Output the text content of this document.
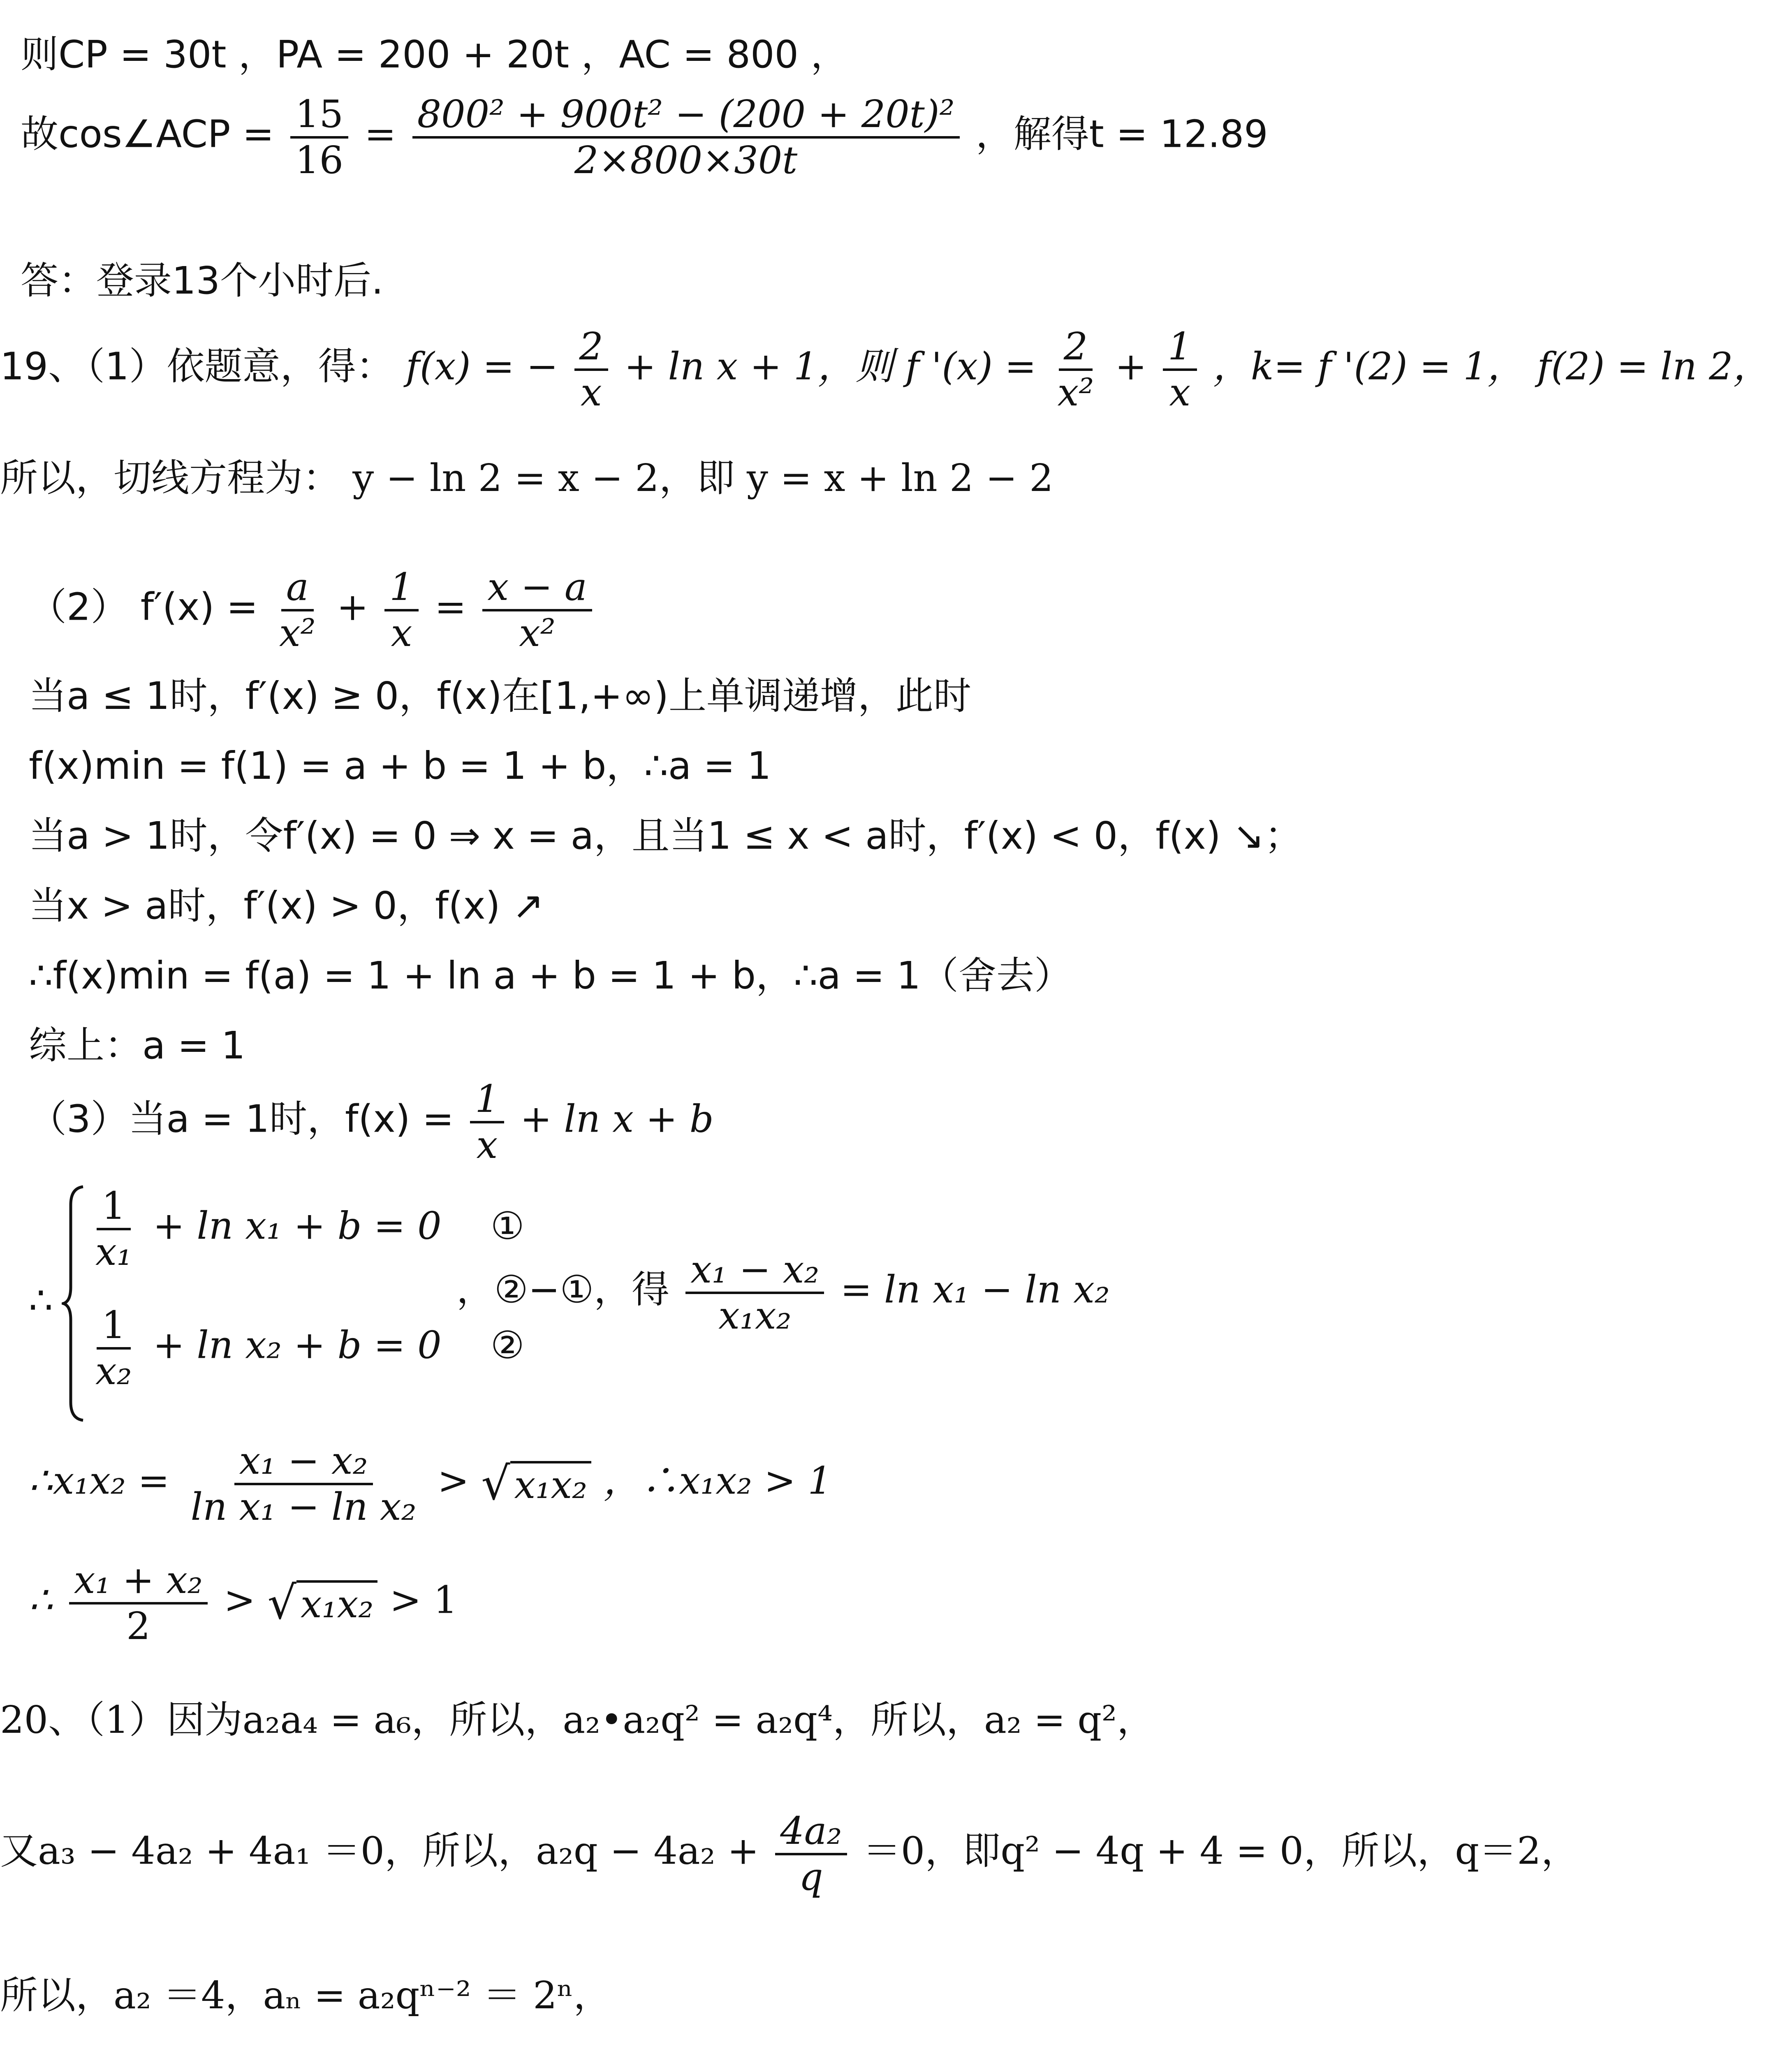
则CP = 30t ，PA = 200 + 20t ，AC = 800 ，
故cos∠ACP = $\frac{15}{16} = \frac{\text{800² + 900t² − (200 + 20t)²}}{2\times 800\times 30t}$ ，解得t = 12.89
答：登录13个小时后.
19、（1）依题意，得： f(x) = − $\frac{2}{x} + \ln x + 1$，则 f '$(x) = \frac{2}{\text{x²}} + \frac{1}{x}$ ，k= f '(2) = 1， f(2) = ln 2，
所以，切线方程为： y − ln 2 = x − 2，即 y = x + ln 2 − 2
（2） $f'(x) = \frac{a}{\text{x²}} + \frac{1}{x} = \frac{x - a}{\text{x²}}$
当a ≤ 1时，f′(x) ≥ 0，f(x)在[1,+∞)上单调递增，此时
f(x)min = f(1) = a + b = 1 + b，∴a = 1
当a > 1时，令f′(x) = 0 ⇒ x = a，且当1 ≤ x < a时，f′(x) < 0，f(x) ↘；
当x > a时，f′(x) > 0，f(x) ↗
∴f(x)min = f(a) = 1 + ln a + b = 1 + b，∴a = 1（舍去）
综上：a = 1
（3）当a = 1时，$f(x) = \frac{1}{x} + \ln x + b$
∴
$\frac{1}{\text{x₁}} + \ln x_1 + b = 0$ ①
$\frac{1}{\text{x₂}} + \ln x_2 + b = 0$ ②
，②−①，得 $\frac{\text{x₁ − x₂}}{\text{x₁x₂}} = \ln x_1 - \ln x_2$
∴x₁x₂ = $\frac{\text{x₁ − x₂}}{\text{ln x₁ − ln x₂}}$ > √ x₁x₂ ，∴x₁x₂ > 1
∴ $\frac{\text{x₁ + x₂}}{2}$ > √ x₁x₂ > 1
20、（1）因为a₂a₄ = a₆，所以，a₂•a₂q² = a₂q⁴，所以，a₂ = q²，
又a₃ − 4a₂ + 4a₁ ＝0，所以，$a_2q - 4a_2 + \frac{\text{4a₂}}{q} =0$，即q² − 4q + 4 = 0，所以，q＝2，
所以，a₂ ＝4，aₙ = a₂qⁿ⁻² ＝ 2ⁿ，
